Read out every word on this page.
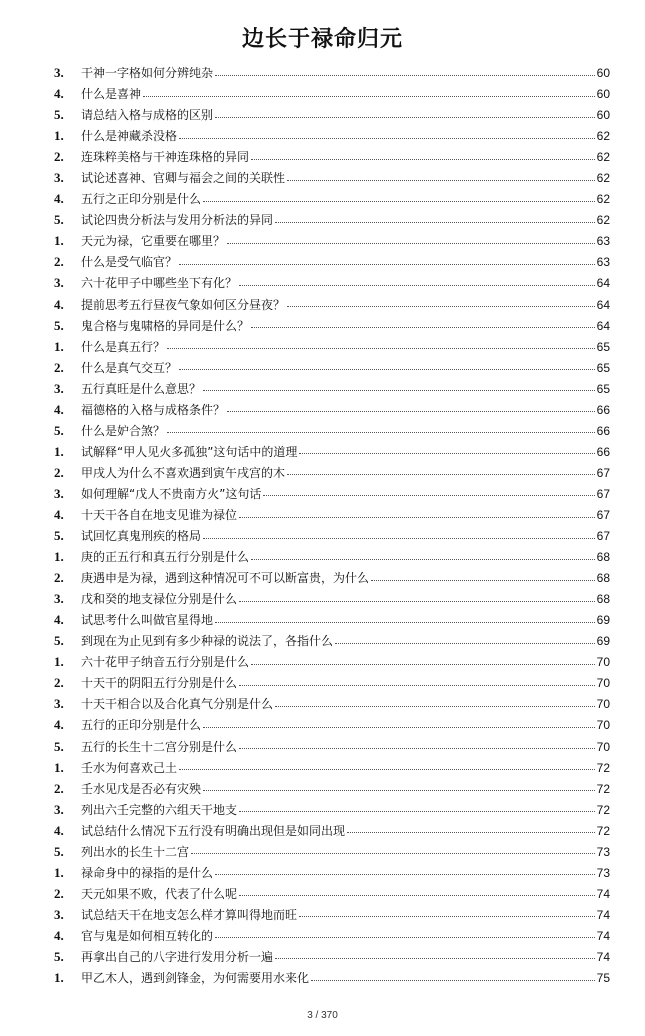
边长于禄命归元
3.	干神一字格如何分辨纯杂	60
4.	什么是喜神	60
5.	请总结入格与成格的区别	60
1.	什么是神藏杀没格	62
2.	连珠粹美格与干神连珠格的异同	62
3.	试论述喜神、官卿与福会之间的关联性	62
4.	五行之正印分别是什么	62
5.	试论四贵分析法与发用分析法的异同	62
1.	天元为禄，它重要在哪里？	63
2.	什么是受气临官？	63
3.	六十花甲子中哪些坐下有化？	64
4.	提前思考五行昼夜气象如何区分昼夜？	64
5.	鬼合格与鬼啸格的异同是什么？	64
1.	什么是真五行？	65
2.	什么是真气交互？	65
3.	五行真旺是什么意思？	65
4.	福德格的入格与成格条件？	66
5.	什么是妒合煞？	66
1.	试解释“甲人见火多孤独”这句话中的道理	66
2.	甲戌人为什么不喜欢遇到寅午戌宫的木	67
3.	如何理解“戊人不贵南方火”这句话	67
4.	十天干各自在地支见谁为禄位	67
5.	试回忆真鬼刑疾的格局	67
1.	庚的正五行和真五行分别是什么	68
2.	庚遇申是为禄，遇到这种情况可不可以断富贵，为什么	68
3.	戊和癸的地支禄位分别是什么	68
4.	试思考什么叫做官星得地	69
5.	到现在为止见到有多少种禄的说法了，各指什么	69
1.	六十花甲子纳音五行分别是什么	70
2.	十天干的阴阳五行分别是什么	70
3.	十天干相合以及合化真气分别是什么	70
4.	五行的正印分别是什么	70
5.	五行的长生十二宫分别是什么	70
1.	壬水为何喜欢己土	72
2.	壬水见戊是否必有灾殃	72
3.	列出六壬完整的六组天干地支	72
4.	试总结什么情况下五行没有明确出现但是如同出现	72
5.	列出水的长生十二宫	73
1.	禄命身中的禄指的是什么	73
2.	天元如果不败，代表了什么呢	74
3.	试总结天干在地支怎么样才算叫得地而旺	74
4.	官与鬼是如何相互转化的	74
5.	再拿出自己的八字进行发用分析一遍	74
1.	甲乙木人，遇到剑锋金，为何需要用水来化	75
3 / 370
